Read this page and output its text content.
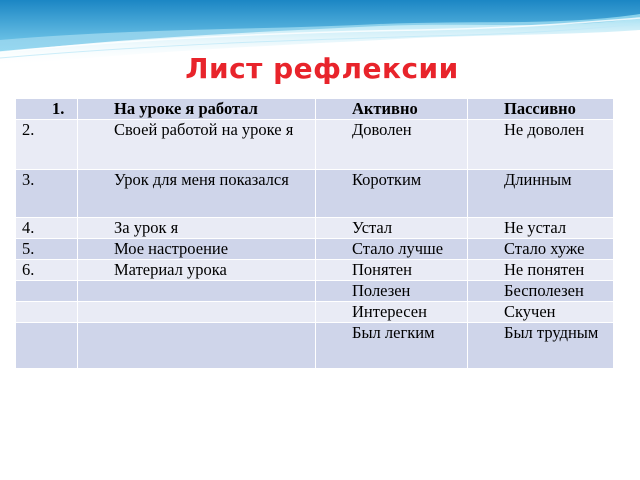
Лист рефлексии
1.	На уроке я работал	Активно	Пассивно
2.	Своей работой на уроке я	Доволен	Не доволен
3.	Урок для меня показался	Коротким	Длинным
4.	За урок я	Устал	Не устал
5.	Мое настроение	Стало лучше	Стало хуже
6.	Материал урока	Понятен	Не понятен
		Полезен	Бесполезен
		Интересен	Скучен
		Был легким	Был трудным
